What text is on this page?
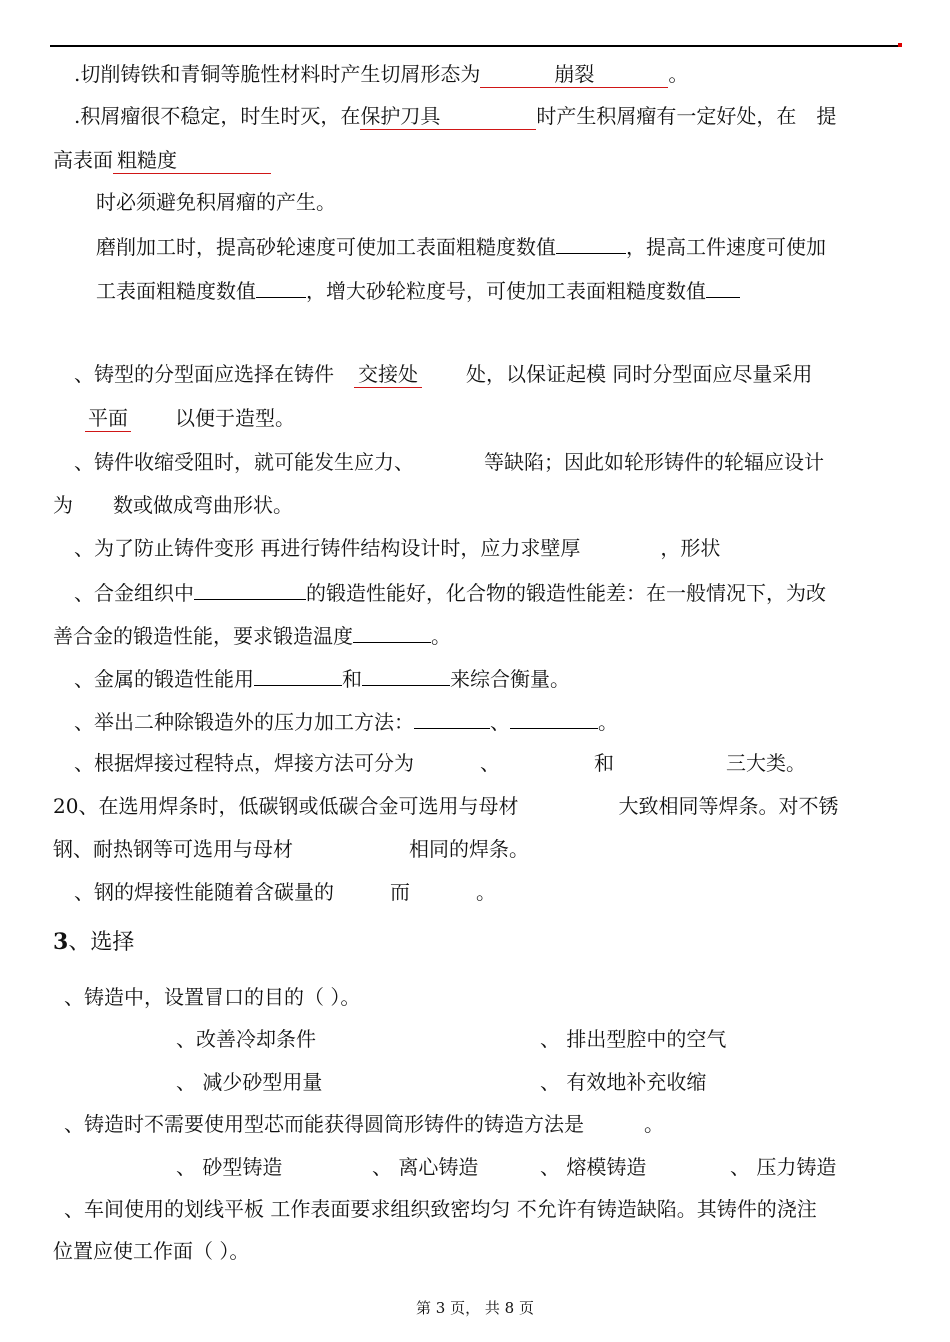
.切削铸铁和青铜等脆性材料时产生切屑形态为	崩裂	。
.积屑瘤很不稳定，时生时灭，在保护刀具	时产生积屑瘤有一定好处，在　提
高表面 粗糙度
时必须避免积屑瘤的产生。
磨削加工时，提高砂轮速度可使加工表面粗糙度数值	，提高工件速度可使加
工表面粗糙度数值	，增大砂轮粒度号，可使加工表面粗糙度数值
、铸型的分型面应选择在铸件 交接处 处，以保证起模 同时分型面应尽量采用
平面 以便于造型。
、铸件收缩受阻时，就可能发生应力、　　　　等缺陷；因此如轮形铸件的轮辐应设计
为　　数或做成弯曲形状。
、为了防止铸件变形 再进行铸件结构设计时，应力求壁厚　　　　，形状
、合金组织中	的锻造性能好，化合物的锻造性能差：在一般情况下，为改
善合金的锻造性能，要求锻造温度	。
、金属的锻造性能用	和	来综合衡量。
、举出二种除锻造外的压力加工方法：	、	。
、根据焊接过程特点，焊接方法可分为	、	和	三大类。
20、在选用焊条时，低碳钢或低碳合金可选用与母材	大致相同等焊条。对不锈
钢、耐热钢等可选用与母材	相同的焊条。
、钢的焊接性能随着含碳量的	而	。
3、选择
、铸造中，设置冒口的目的（ ）。
、改善冷却条件	、 排出型腔中的空气
、 减少砂型用量	、 有效地补充收缩
、铸造时不需要使用型芯而能获得圆筒形铸件的铸造方法是　　　。
、 砂型铸造	、 离心铸造	、 熔模铸造	、 压力铸造
、车间使用的划线平板 工作表面要求组织致密均匀 不允许有铸造缺陷。其铸件的浇注
位置应使工作面（ ）。
第 3 页， 共 8 页
